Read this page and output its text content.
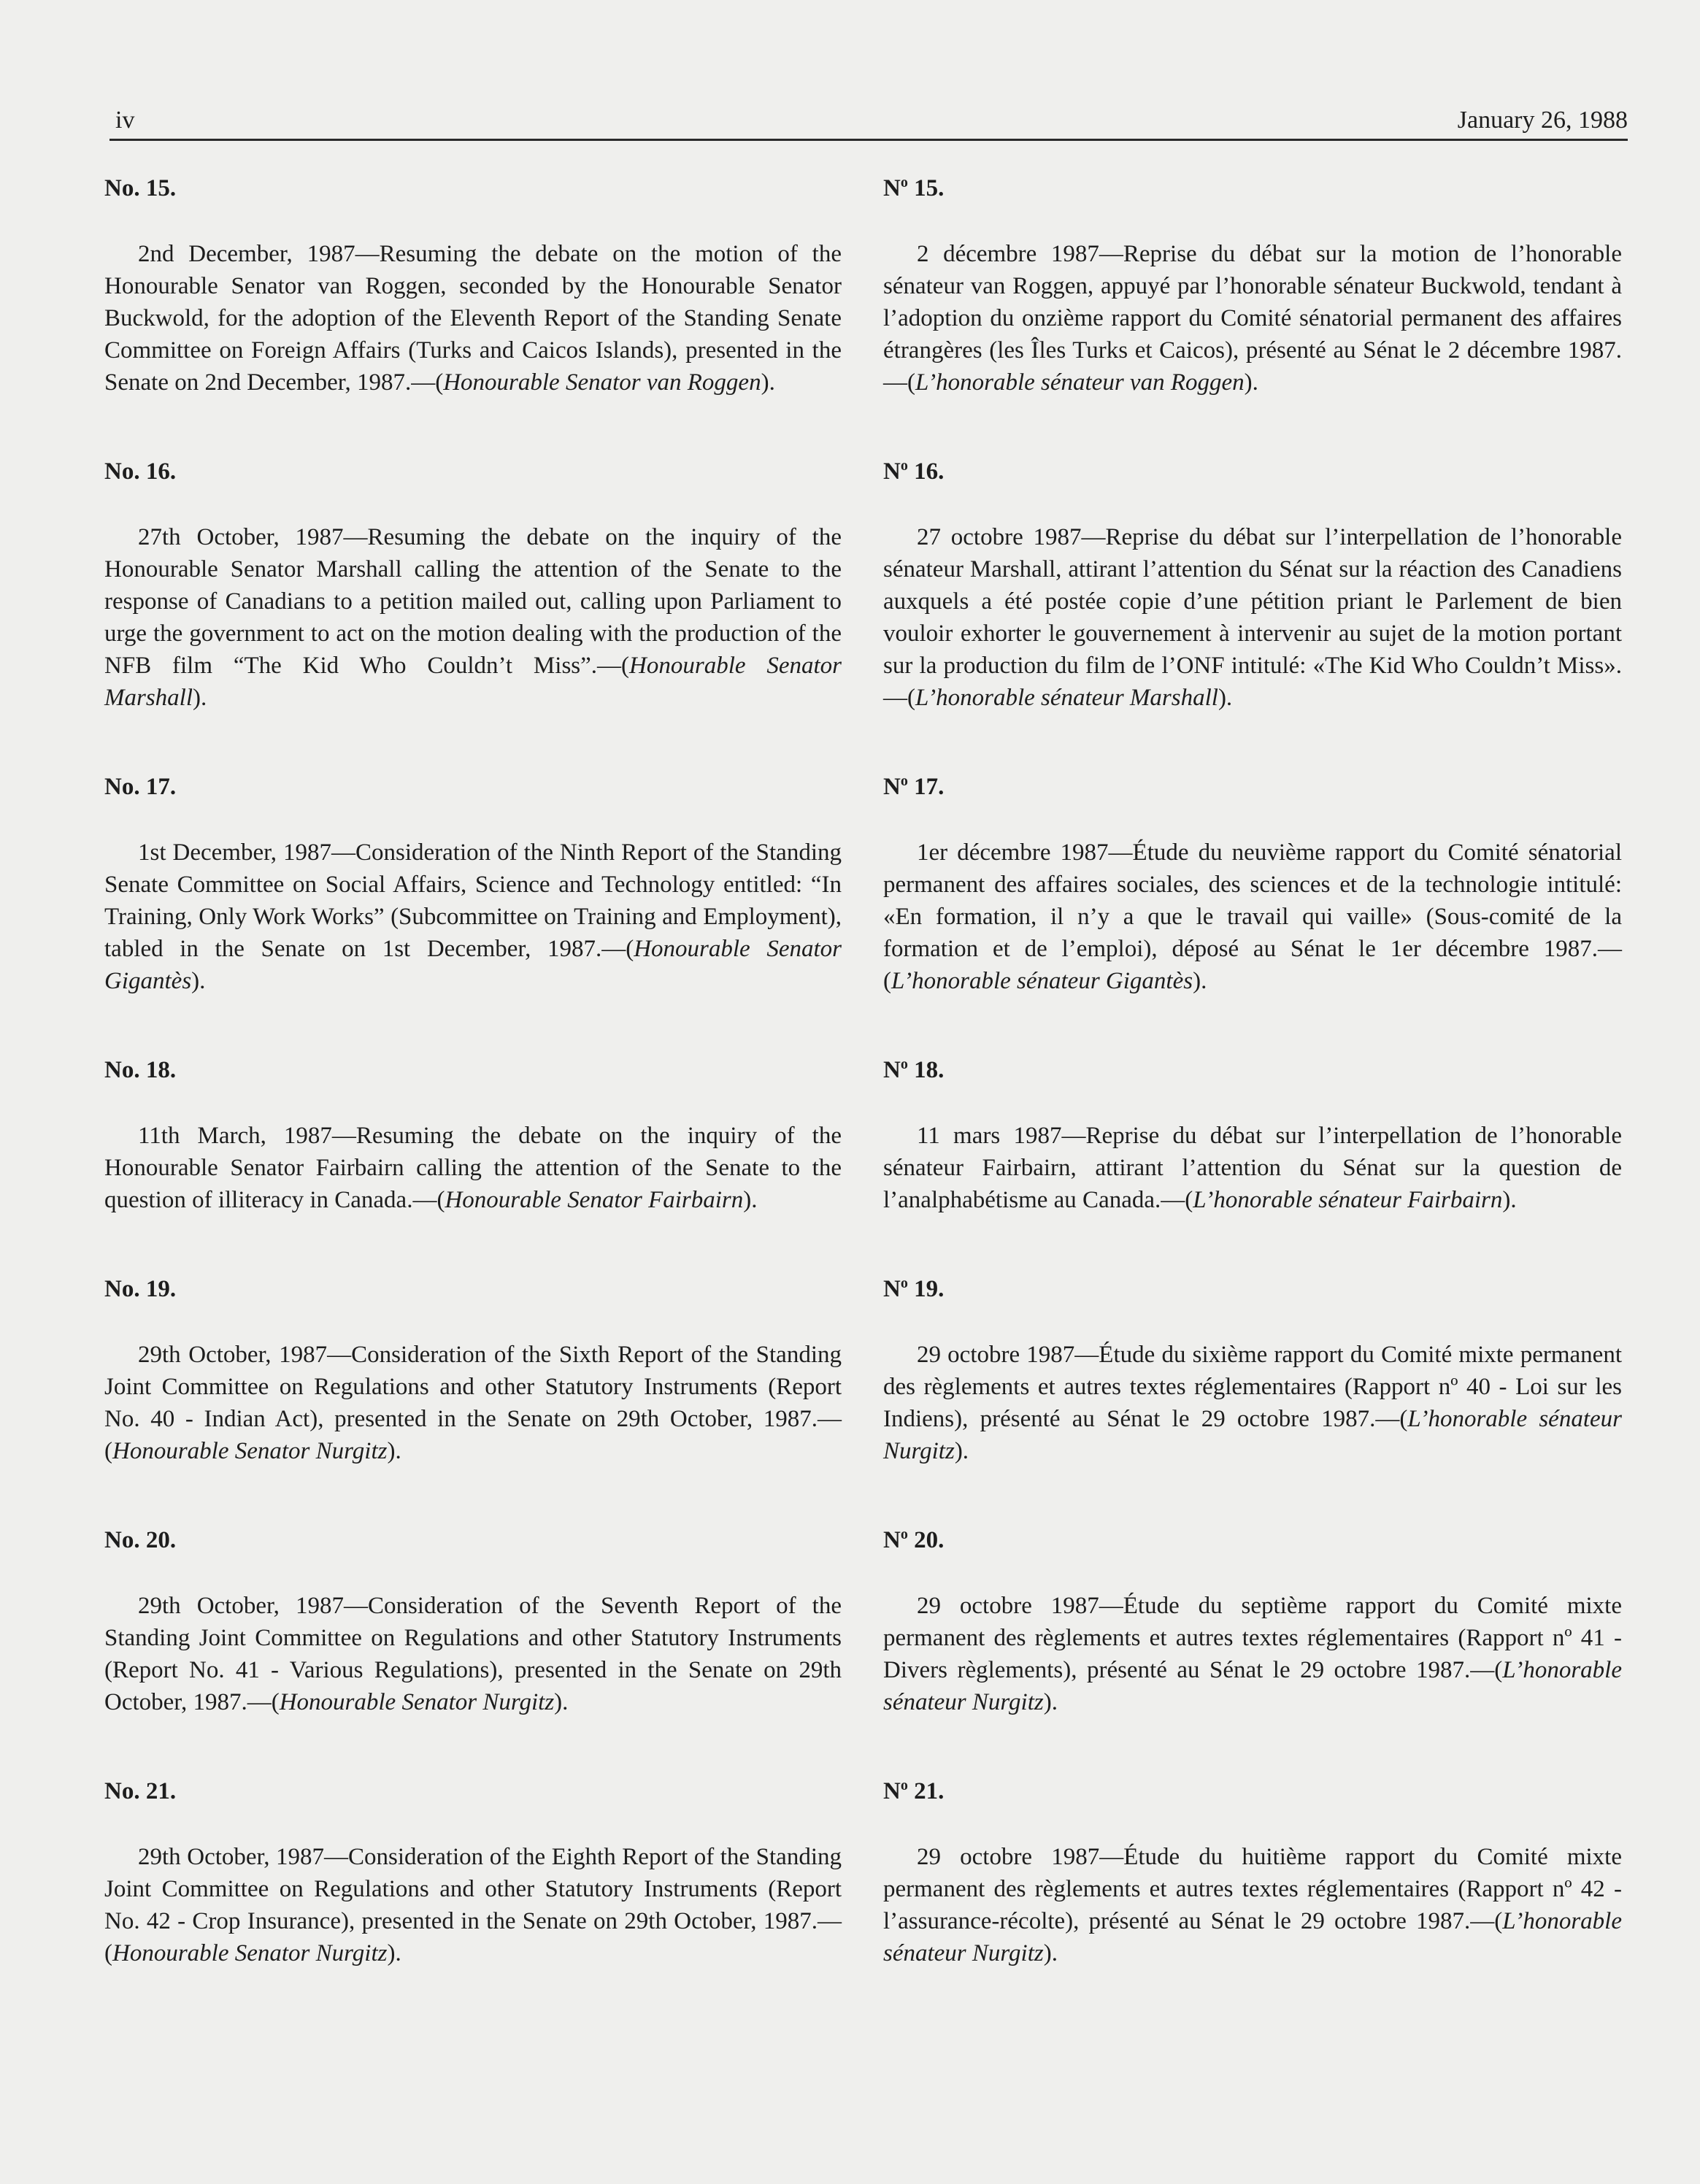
iv	January 26, 1988

No. 15.

2nd December, 1987—Resuming the debate on the motion of the Honourable Senator van Roggen, seconded by the Honourable Senator Buckwold, for the adoption of the Eleventh Report of the Standing Senate Committee on Foreign Affairs (Turks and Caicos Islands), presented in the Senate on 2nd December, 1987.—(Honourable Senator van Roggen).

No. 16.

27th October, 1987—Resuming the debate on the inquiry of the Honourable Senator Marshall calling the attention of the Senate to the response of Canadians to a petition mailed out, calling upon Parliament to urge the government to act on the motion dealing with the production of the NFB film “The Kid Who Couldn’t Miss”.—(Honourable Senator Marshall).

No. 17.

1st December, 1987—Consideration of the Ninth Report of the Standing Senate Committee on Social Affairs, Science and Technology entitled: “In Training, Only Work Works” (Subcommittee on Training and Employment), tabled in the Senate on 1st December, 1987.—(Honourable Senator Gigantès).

No. 18.

11th March, 1987—Resuming the debate on the inquiry of the Honourable Senator Fairbairn calling the attention of the Senate to the question of illiteracy in Canada.—(Honourable Senator Fairbairn).

No. 19.

29th October, 1987—Consideration of the Sixth Report of the Standing Joint Committee on Regulations and other Statutory Instruments (Report No. 40 - Indian Act), presented in the Senate on 29th October, 1987.—(Honourable Senator Nurgitz).

No. 20.

29th October, 1987—Consideration of the Seventh Report of the Standing Joint Committee on Regulations and other Statutory Instruments (Report No. 41 - Various Regulations), presented in the Senate on 29th October, 1987.—(Honourable Senator Nurgitz).

No. 21.

29th October, 1987—Consideration of the Eighth Report of the Standing Joint Committee on Regulations and other Statutory Instruments (Report No. 42 - Crop Insurance), presented in the Senate on 29th October, 1987.—(Honourable Senator Nurgitz).

$N^o$ 15.

2 décembre 1987—Reprise du débat sur la motion de l’honorable sénateur van Roggen, appuyé par l’honorable sénateur Buckwold, tendant à l’adoption du onzième rapport du Comité sénatorial permanent des affaires étrangères (les Îles Turks et Caicos), présenté au Sénat le 2 décembre 1987.—(L’honorable sénateur van Roggen).

$N^o$ 16.

27 octobre 1987—Reprise du débat sur l’interpellation de l’honorable sénateur Marshall, attirant l’attention du Sénat sur la réaction des Canadiens auxquels a été postée copie d’une pétition priant le Parlement de bien vouloir exhorter le gouvernement à intervenir au sujet de la motion portant sur la production du film de l’ONF intitulé: «The Kid Who Couldn’t Miss».—(L’honorable sénateur Marshall).

$N^o$ 17.

1er décembre 1987—Étude du neuvième rapport du Comité sénatorial permanent des affaires sociales, des sciences et de la technologie intitulé: «En formation, il n’y a que le travail qui vaille» (Sous-comité de la formation et de l’emploi), déposé au Sénat le 1er décembre 1987.—(L’honorable sénateur Gigantès).

$N^o$ 18.

11 mars 1987—Reprise du débat sur l’interpellation de l’honorable sénateur Fairbairn, attirant l’attention du Sénat sur la question de l’analphabétisme au Canada.—(L’honorable sénateur Fairbairn).

$N^o$ 19.

29 octobre 1987—Étude du sixième rapport du Comité mixte permanent des règlements et autres textes réglementaires (Rapport nº 40 - Loi sur les Indiens), présenté au Sénat le 29 octobre 1987.—(L’honorable sénateur Nurgitz).

$N^o$ 20.

29 octobre 1987—Étude du septième rapport du Comité mixte permanent des règlements et autres textes réglementaires (Rapport nº 41 - Divers règlements), présenté au Sénat le 29 octobre 1987.—(L’honorable sénateur Nurgitz).

$N^o$ 21.

29 octobre 1987—Étude du huitième rapport du Comité mixte permanent des règlements et autres textes réglementaires (Rapport nº 42 - l’assurance-récolte), présenté au Sénat le 29 octobre 1987.—(L’honorable sénateur Nurgitz).
